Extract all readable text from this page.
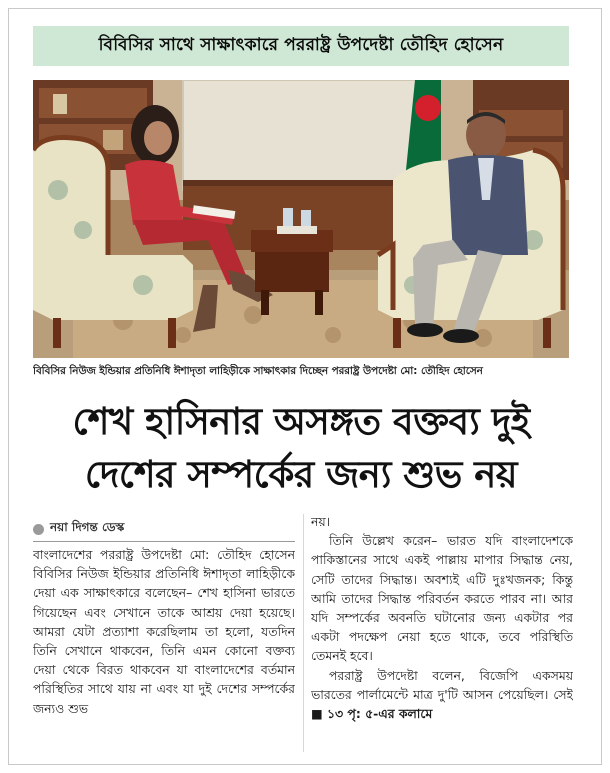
বিবিসির সাথে সাক্ষাৎকারে পররাষ্ট্র উপদেষ্টা তৌহিদ হোসেন
বিবিসির নিউজ ইন্ডিয়ার প্রতিনিধি ঈশাদৃতা লাহিড়ীকে সাক্ষাৎকার দিচ্ছেন পররাষ্ট্র উপদেষ্টা মো: তৌহিদ হোসেন
শেখ হাসিনার অসঙ্গত বক্তব্য দুই
দেশের সম্পর্কের জন্য শুভ নয়
নয়া দিগন্ত ডেস্ক

বাংলাদেশের পররাষ্ট্র উপদেষ্টা মো: তৌহিদ হোসেন বিবিসির নিউজ ইন্ডিয়ার প্রতিনিধি ঈশাদৃতা লাহিড়ীকে দেয়া এক সাক্ষাৎকারে বলেছেন– শেখ হাসিনা ভারতে গিয়েছেন এবং সেখানে তাকে আশ্রয় দেয়া হয়েছে। আমরা যেটা প্রত্যাশা করেছিলাম তা হলো, যতদিন তিনি সেখানে থাকবেন, তিনি এমন কোনো বক্তব্য দেয়া থেকে বিরত থাকবেন যা বাংলাদেশের বর্তমান পরিস্থিতির সাথে যায় না এবং যা দুই দেশের সম্পর্কের জন্যও শুভ

নয়।

তিনি উল্লেখ করেন– ভারত যদি বাংলাদেশকে পাকিস্তানের সাথে একই পাল্লায় মাপার সিদ্ধান্ত নেয়, সেটি তাদের সিদ্ধান্ত। অবশ্যই এটি দুঃখজনক; কিন্তু আমি তাদের সিদ্ধান্ত পরিবর্তন করতে পারব না। আর যদি সম্পর্কের অবনতি ঘটানোর জন্য একটার পর একটা পদক্ষেপ নেয়া হতে থাকে, তবে পরিস্থিতি তেমনই হবে।

পররাষ্ট্র উপদেষ্টা বলেন, বিজেপি একসময় ভারতের পার্লামেন্টে মাত্র দু'টি আসন পেয়েছিল। সেই ■ ১৩ পৃ: ৫-এর কলামে
